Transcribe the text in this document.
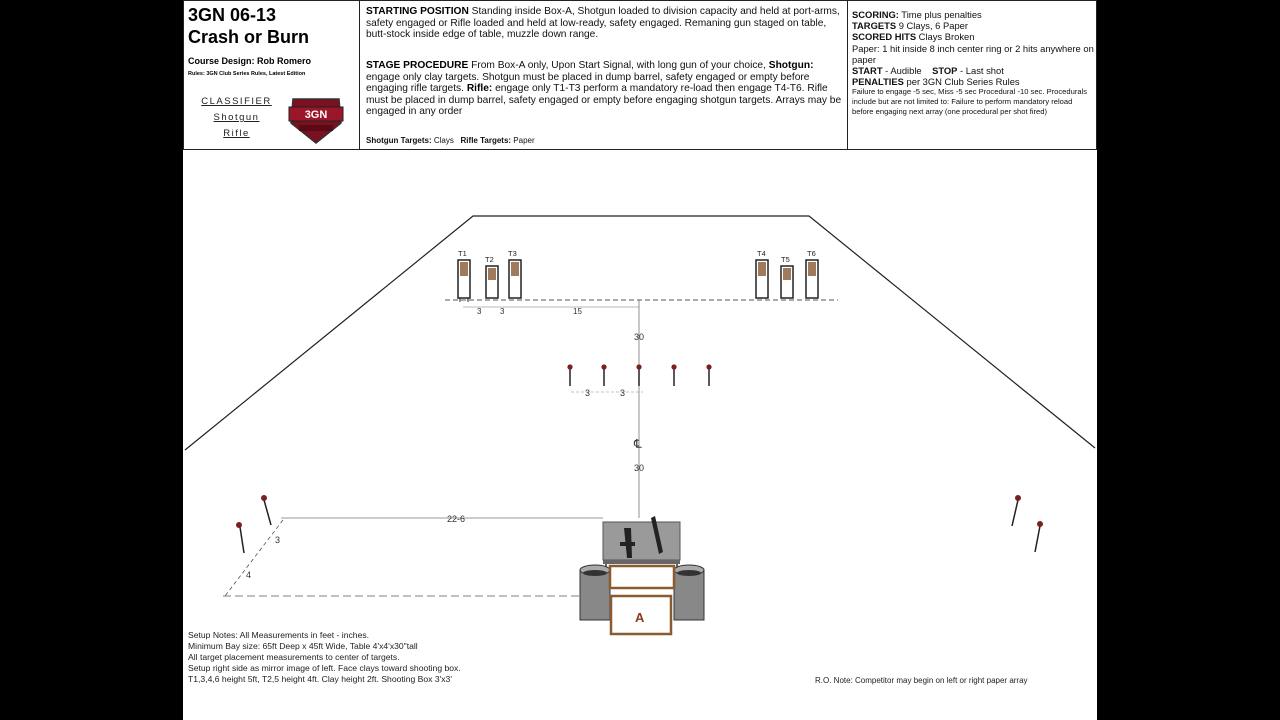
3GN 06-13
Crash or Burn
Course Design: Rob Romero
Rules: 3GN Club Series Rules, Latest Edition
CLASSIFIER
Shotgun
Rifle
3GN
STARTING POSITION Standing inside Box-A, Shotgun loaded to division capacity and held at port-arms, safety engaged or Rifle loaded and held at low-ready, safety engaged. Remaning gun staged on table, butt-stock inside edge of table, muzzle down range.
STAGE PROCEDURE From Box-A only, Upon Start Signal, with long gun of your choice, Shotgun: engage only clay targets. Shotgun must be placed in dump barrel, safety engaged or empty before engaging rifle targets. Rifle: engage only T1-T3 perform a mandatory re-load then engage T4-T6. Rifle must be placed in dump barrel, safety engaged or empty before engaging shotgun targets. Arrays may be engaged in any order
Shotgun Targets: Clays Rifle Targets: Paper
SCORING: Time plus penalties
TARGETS 9 Clays, 6 Paper
SCORED HITS Clays Broken
Paper: 1 hit inside 8 inch center ring or 2 hits anywhere on paper
START - Audible STOP - Last shot
PENALTIES per 3GN Club Series Rules
Failure to engage -5 sec, Miss -5 sec Procedural -10 sec. Procedurals include but are not limited to: Failure to perform mandatory reload before engaging next array (one procedural per shot fired)
3 3	15
30
T1
T2
T3	T4
T5
T6
3	3
℄
30
22-6
3
4
A
Setup Notes: All Measurements in feet - inches.
Minimum Bay size: 65ft Deep x 45ft Wide, Table 4'x4'x30"tall
All target placement measurements to center of targets.
Setup right side as mirror image of left. Face clays toward shooting box.
T1,3,4,6 height 5ft, T2,5 height 4ft. Clay height 2ft. Shooting Box 3'x3'	R.O. Note: Competitor may begin on left or right paper array
